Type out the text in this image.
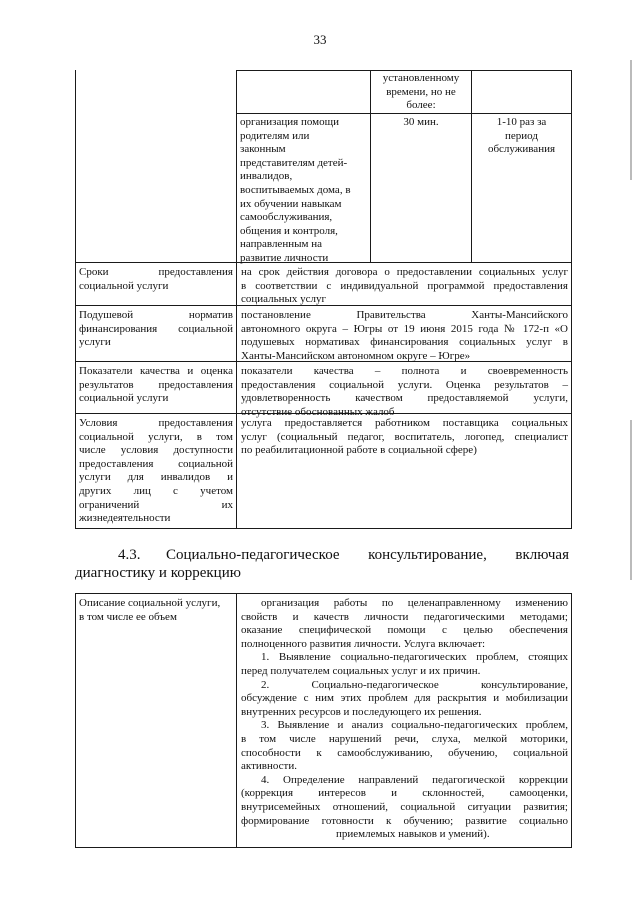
33
установленному
времени, но не
более:
организация помощи
родителям или
законным
представителям детей-
инвалидов,
воспитываемых дома, в
их обучении навыкам
самообслуживания,
общения и контроля,
направленным на
развитие личности
30 мин.	1-10 раз за
период
обслуживания
Сроки предоставления
социальной услуги
на срок действия договора о предоставлении социальных услуг
в соответствии с индивидуальной программой предоставления
социальных услуг
Подушевой норматив
финансирования социальной
услуги
постановление Правительства Ханты-Мансийского
автономного округа – Югры от 19 июня 2015 года № 172-п «О
подушевых нормативах финансирования социальных услуг в
Ханты-Мансийском автономном округе – Югре»
Показатели качества и оценка
результатов предоставления
социальной услуги
показатели качества – полнота и своевременность
предоставления социальной услуги. Оценка результатов –
удовлетворенность качеством предоставляемой услуги,
отсутствие обоснованных жалоб
Условия предоставления
социальной услуги, в том
числе условия доступности
предоставления социальной
услуги для инвалидов и
других лиц с учетом
ограничений их
жизнедеятельности
услуга предоставляется работником поставщика социальных
услуг (социальный педагог, воспитатель, логопед, специалист
по реабилитационной работе в социальной сфере)
4.3. Социально-педагогическое консультирование, включая
диагностику и коррекцию
Описание социальной услуги,
в том числе ее объем
организация работы по целенаправленному изменению
свойств и качеств личности педагогическими методами;
оказание специфической помощи с целью обеспечения
полноценного развития личности. Услуга включает:
1. Выявление социально-педагогических проблем, стоящих
перед получателем социальных услуг и их причин.
2. Социально-педагогическое консультирование,
обсуждение с ним этих проблем для раскрытия и мобилизации
внутренних ресурсов и последующего их решения.
3. Выявление и анализ социально-педагогических проблем,
в том числе нарушений речи, слуха, мелкой моторики,
способности к самообслуживанию, обучению, социальной
активности.
4. Определение направлений педагогической коррекции
(коррекция интересов и склонностей, самооценки,
внутрисемейных отношений, социальной ситуации развития;
формирование готовности к обучению; развитие социально
приемлемых навыков и умений).
